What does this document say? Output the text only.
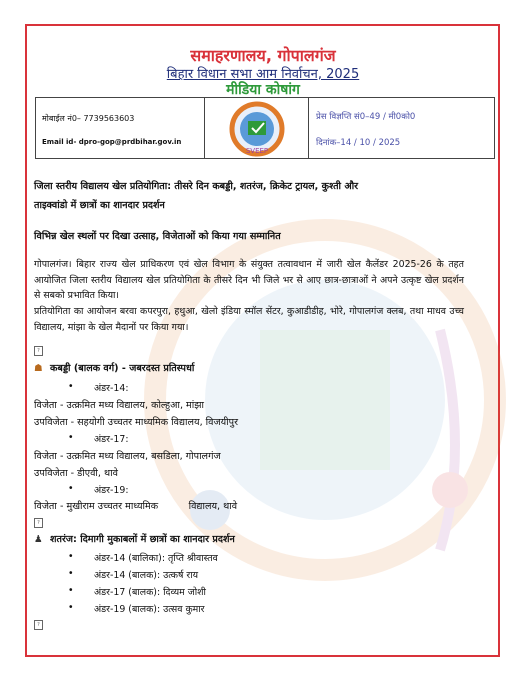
समाहरणालय, गोपालगंज
बिहार विधान सभा आम निर्वाचन, 2025
मीडिया कोषांग
मोबाईल नं0– 7739563603
Email id- dpro-gop@prdbihar.gov.in
SVEEP
प्रेस विज्ञप्ति सं0–49 / मी0को0
दिनांक–14 / 10 / 2025
जिला स्तरीय विद्यालय खेल प्रतियोगिता: तीसरे दिन कबड्डी, शतरंज, क्रिकेट ट्रायल, कुश्ती और
ताइक्वांडो में छात्रों का शानदार प्रदर्शन
विभिन्न खेल स्थलों पर दिखा उत्साह, विजेताओं को किया गया सम्मानित
गोपालगंज। बिहार राज्य खेल प्राधिकरण एवं खेल विभाग के संयुक्त तत्वावधान में जारी खेल कैलेंडर 2025-26 के तहत आयोजित जिला स्तरीय विद्यालय खेल प्रतियोगिता के तीसरे दिन भी जिले भर से आए छात्र-छात्राओं ने अपने उत्कृष्ट खेल प्रदर्शन से सबको प्रभावित किया।
प्रतियोगिता का आयोजन बरवा कपरपुरा, हथुआ, खेलो इंडिया स्मॉल सेंटर, कुआडीडीह, भोरे, गोपालगंज क्लब, तथा माधव उच्च विद्यालय, मांझा के खेल मैदानों पर किया गया।
?
☗ कबड्डी (बालक वर्ग) - जबरदस्त प्रतिस्पर्धा
• अंडर-14:
विजेता - उत्क्रमित मध्य विद्यालय, कोल्हुआ, मांझा
उपविजेता - सहयोगी उच्चतर माध्यमिक विद्यालय, विजयीपुर
• अंडर-17:
विजेता - उत्क्रमित मध्य विद्यालय, बसडिला, गोपालगंज
उपविजेता - डीएवी, थावे
• अंडर-19:
विजेता - मुखीराम उच्चतर माध्यमिक          विद्यालय, थावे
?
♟ शतरंज: दिमागी मुकाबलों में छात्रों का शानदार प्रदर्शन
• अंडर-14 (बालिका): तृप्ति श्रीवास्तव
• अंडर-14 (बालक): उत्कर्ष राय
• अंडर-17 (बालक): दिव्यम जोशी
• अंडर-19 (बालक): उत्सव कुमार
?
